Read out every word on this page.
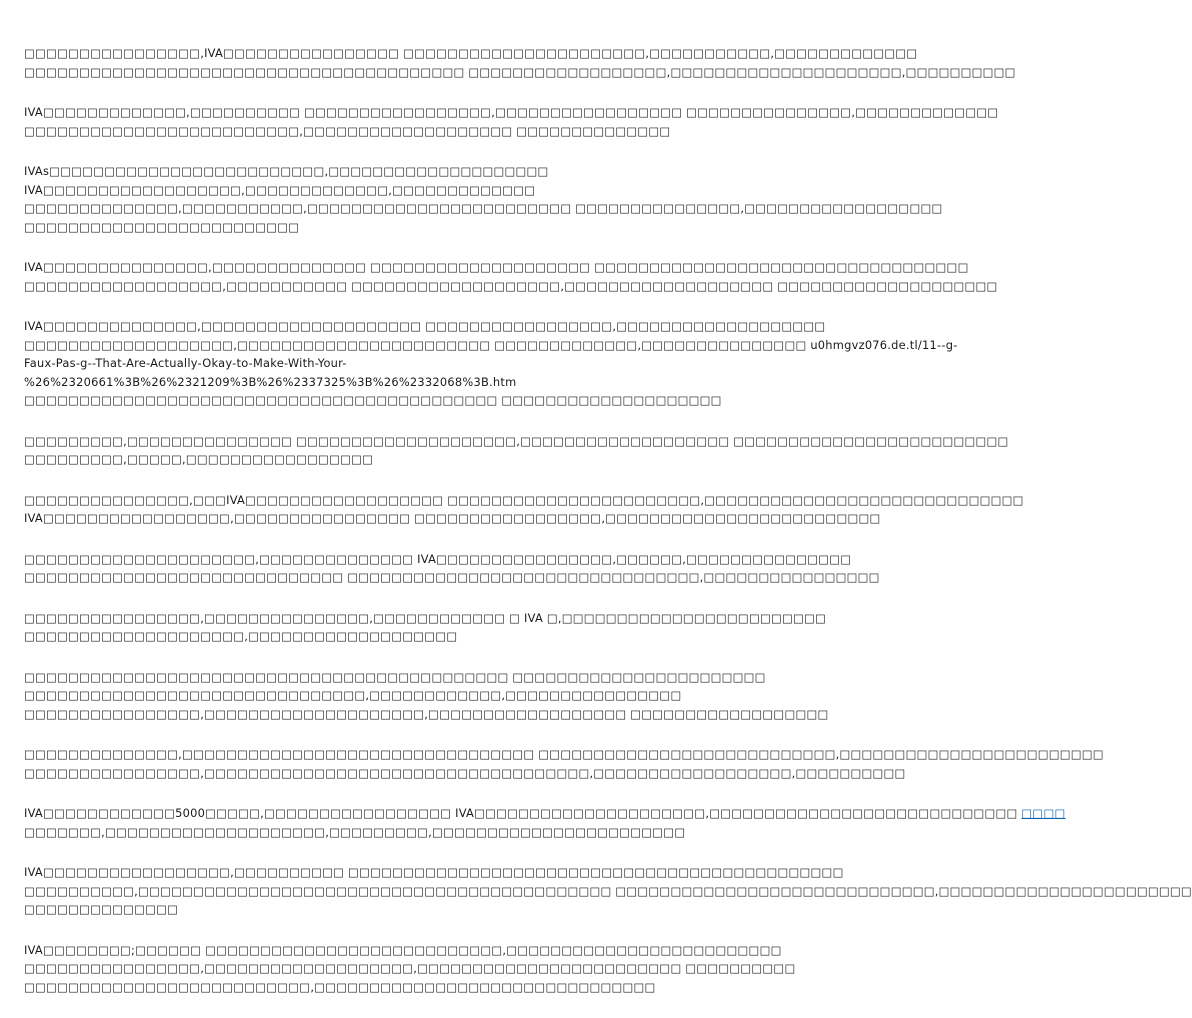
□□□□□□□□□□□□□□□□,IVA□□□□□□□□□□□□□□□□ □□□□□□□□□□□□□□□□□□□□□□,□□□□□□□□□□□,□□□□□□□□□□□□□
□□□□□□□□□□□□□□□□□□□□□□□□□□□□□□□□□□□□□□□□ □□□□□□□□□□□□□□□□□□,□□□□□□□□□□□□□□□□□□□□□,□□□□□□□□□□
IVA□□□□□□□□□□□□□,□□□□□□□□□□ □□□□□□□□□□□□□□□□□,□□□□□□□□□□□□□□□□□ □□□□□□□□□□□□□□□,□□□□□□□□□□□□□
□□□□□□□□□□□□□□□□□□□□□□□□□,□□□□□□□□□□□□□□□□□□□ □□□□□□□□□□□□□□
IVAs□□□□□□□□□□□□□□□□□□□□□□□□□,□□□□□□□□□□□□□□□□□□□□
IVA□□□□□□□□□□□□□□□□□□,□□□□□□□□□□□□□,□□□□□□□□□□□□□
□□□□□□□□□□□□□□,□□□□□□□□□□□,□□□□□□□□□□□□□□□□□□□□□□□□ □□□□□□□□□□□□□□□,□□□□□□□□□□□□□□□□□□
□□□□□□□□□□□□□□□□□□□□□□□□□
IVA□□□□□□□□□□□□□□□,□□□□□□□□□□□□□□ □□□□□□□□□□□□□□□□□□□□ □□□□□□□□□□□□□□□□□□□□□□□□□□□□□□□□□□
□□□□□□□□□□□□□□□□□□,□□□□□□□□□□□ □□□□□□□□□□□□□□□□□□□,□□□□□□□□□□□□□□□□□□□ □□□□□□□□□□□□□□□□□□□□
IVA□□□□□□□□□□□□□□,□□□□□□□□□□□□□□□□□□□□ □□□□□□□□□□□□□□□□□,□□□□□□□□□□□□□□□□□□□
□□□□□□□□□□□□□□□□□□□,□□□□□□□□□□□□□□□□□□□□□□□ □□□□□□□□□□□□□,□□□□□□□□□□□□□□□ u0hmgvz076.de.tl/11--g-
Faux-Pas-g--That-Are-Actually-Okay-to-Make-With-Your-
%26%2320661%3B%26%2321209%3B%26%2337325%3B%26%2332068%3B.htm
□□□□□□□□□□□□□□□□□□□□□□□□□□□□□□□□□□□□□□□□□□□ □□□□□□□□□□□□□□□□□□□□
□□□□□□□□□,□□□□□□□□□□□□□□□ □□□□□□□□□□□□□□□□□□□□,□□□□□□□□□□□□□□□□□□□ □□□□□□□□□□□□□□□□□□□□□□□□□
□□□□□□□□□,□□□□□,□□□□□□□□□□□□□□□□□
□□□□□□□□□□□□□□□,□□□IVA□□□□□□□□□□□□□□□□□□ □□□□□□□□□□□□□□□□□□□□□□□,□□□□□□□□□□□□□□□□□□□□□□□□□□□□□
IVA□□□□□□□□□□□□□□□□□,□□□□□□□□□□□□□□□□ □□□□□□□□□□□□□□□□□,□□□□□□□□□□□□□□□□□□□□□□□□□
□□□□□□□□□□□□□□□□□□□□□,□□□□□□□□□□□□□□ IVA□□□□□□□□□□□□□□□□,□□□□□□,□□□□□□□□□□□□□□□
□□□□□□□□□□□□□□□□□□□□□□□□□□□□□ □□□□□□□□□□□□□□□□□□□□□□□□□□□□□□□□,□□□□□□□□□□□□□□□□
□□□□□□□□□□□□□□□□,□□□□□□□□□□□□□□□,□□□□□□□□□□□□ □ IVA □,□□□□□□□□□□□□□□□□□□□□□□□□
□□□□□□□□□□□□□□□□□□□□,□□□□□□□□□□□□□□□□□□□
□□□□□□□□□□□□□□□□□□□□□□□□□□□□□□□□□□□□□□□□□□□□ □□□□□□□□□□□□□□□□□□□□□□□
□□□□□□□□□□□□□□□□□□□□□□□□□□□□□□□,□□□□□□□□□□□□,□□□□□□□□□□□□□□□□
□□□□□□□□□□□□□□□□,□□□□□□□□□□□□□□□□□□□□,□□□□□□□□□□□□□□□□□□ □□□□□□□□□□□□□□□□□□
□□□□□□□□□□□□□□,□□□□□□□□□□□□□□□□□□□□□□□□□□□□□□□□ □□□□□□□□□□□□□□□□□□□□□□□□□□□,□□□□□□□□□□□□□□□□□□□□□□□□
□□□□□□□□□□□□□□□□,□□□□□□□□□□□□□□□□□□□□□□□□□□□□□□□□□□□,□□□□□□□□□□□□□□□□□□,□□□□□□□□□□
IVA□□□□□□□□□□□□5000□□□□□,□□□□□□□□□□□□□□□□□ IVA□□□□□□□□□□□□□□□□□□□□□,□□□□□□□□□□□□□□□□□□□□□□□□□□□□ □□□□
□□□□□□□,□□□□□□□□□□□□□□□□□□□□,□□□□□□□□□,□□□□□□□□□□□□□□□□□□□□□□□
IVA□□□□□□□□□□□□□□□□□,□□□□□□□□□□ □□□□□□□□□□□□□□□□□□□□□□□□□□□□□□□□□□□□□□□□□□□□□
□□□□□□□□□□,□□□□□□□□□□□□□□□□□□□□□□□□□□□□□□□□□□□□□□□□□□□ □□□□□□□□□□□□□□□□□□□□□□□□□□□□□,□□□□□□□□□□□□□□□□□□□□□□□
□□□□□□□□□□□□□□
IVA□□□□□□□□;□□□□□□ □□□□□□□□□□□□□□□□□□□□□□□□□□□,□□□□□□□□□□□□□□□□□□□□□□□□□
□□□□□□□□□□□□□□□□,□□□□□□□□□□□□□□□□□□□,□□□□□□□□□□□□□□□□□□□□□□□□ □□□□□□□□□□
□□□□□□□□□□□□□□□□□□□□□□□□□□,□□□□□□□□□□□□□□□□□□□□□□□□□□□□□□□
